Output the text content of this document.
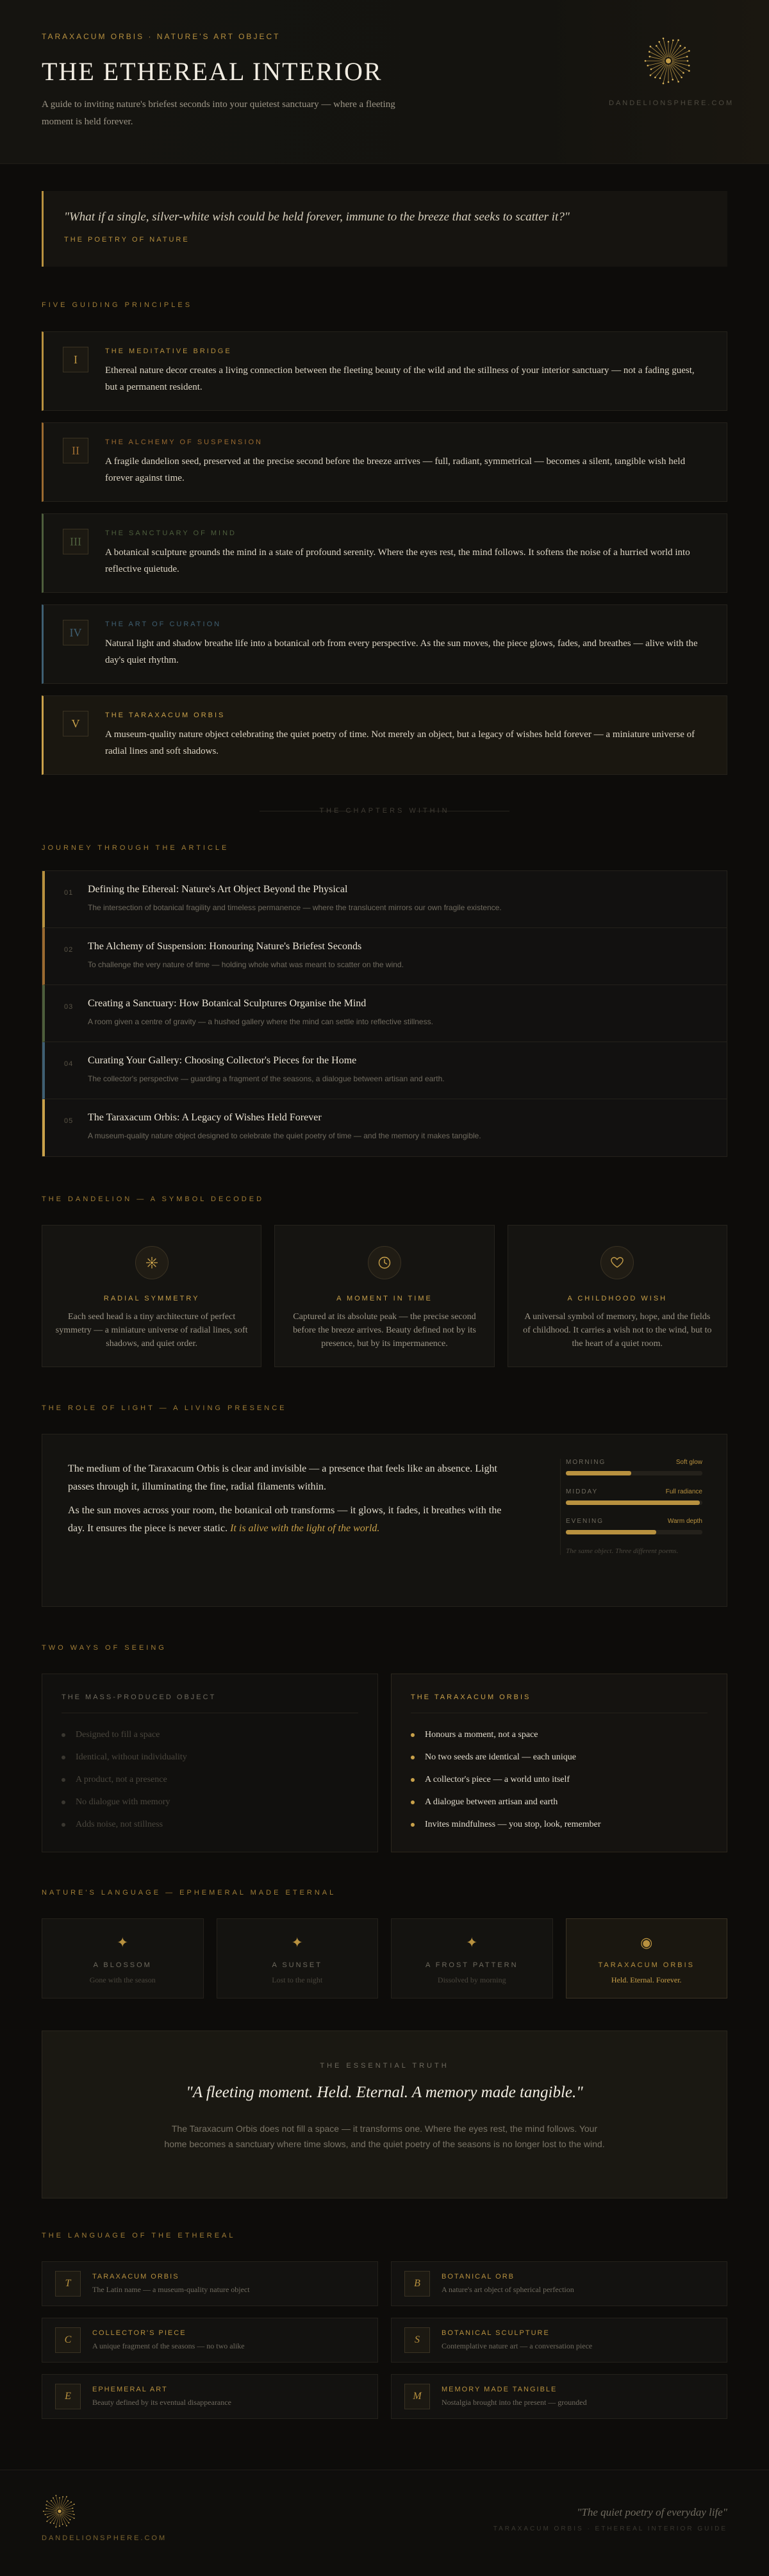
TARAXACUM ORBIS · NATURE'S ART OBJECT
THE ETHEREAL INTERIOR
A guide to inviting nature's briefest seconds into your quietest sanctuary — where a fleeting moment is held forever.
DANDELIONSPHERE.COM
"What if a single, silver-white wish could be held forever, immune to the breeze that seeks to scatter it?"
THE POETRY OF NATURE
FIVE GUIDING PRINCIPLES
I
THE MEDITATIVE BRIDGE
Ethereal nature decor creates a living connection between the fleeting beauty of the wild and the stillness of your interior sanctuary — not a fading guest, but a permanent resident.
II
THE ALCHEMY OF SUSPENSION
A fragile dandelion seed, preserved at the precise second before the breeze arrives — full, radiant, symmetrical — becomes a silent, tangible wish held forever against time.
III
THE SANCTUARY OF MIND
A botanical sculpture grounds the mind in a state of profound serenity. Where the eyes rest, the mind follows. It softens the noise of a hurried world into reflective quietude.
IV
THE ART OF CURATION
Natural light and shadow breathe life into a botanical orb from every perspective. As the sun moves, the piece glows, fades, and breathes — alive with the day's quiet rhythm.
V
THE TARAXACUM ORBIS
A museum-quality nature object celebrating the quiet poetry of time. Not merely an object, but a legacy of wishes held forever — a miniature universe of radial lines and soft shadows.
THE CHAPTERS WITHIN
JOURNEY THROUGH THE ARTICLE
01 Defining the Ethereal: Nature's Art Object Beyond the Physical
The intersection of botanical fragility and timeless permanence — where the translucent mirrors our own fragile existence.
02 The Alchemy of Suspension: Honouring Nature's Briefest Seconds
To challenge the very nature of time — holding whole what was meant to scatter on the wind.
03 Creating a Sanctuary: How Botanical Sculptures Organise the Mind
A room given a centre of gravity — a hushed gallery where the mind can settle into reflective stillness.
04 Curating Your Gallery: Choosing Collector's Pieces for the Home
The collector's perspective — guarding a fragment of the seasons, a dialogue between artisan and earth.
05 The Taraxacum Orbis: A Legacy of Wishes Held Forever
A museum-quality nature object designed to celebrate the quiet poetry of time — and the memory it makes tangible.
THE DANDELION — A SYMBOL DECODED
RADIAL SYMMETRY
Each seed head is a tiny architecture of perfect symmetry — a miniature universe of radial lines, soft shadows, and quiet order.
A MOMENT IN TIME
Captured at its absolute peak — the precise second before the breeze arrives. Beauty defined not by its presence, but by its impermanence.
A CHILDHOOD WISH
A universal symbol of memory, hope, and the fields of childhood. It carries a wish not to the wind, but to the heart of a quiet room.
THE ROLE OF LIGHT — A LIVING PRESENCE
The medium of the Taraxacum Orbis is clear and invisible — a presence that feels like an absence. Light passes through it, illuminating the fine, radial filaments within.
As the sun moves across your room, the botanical orb transforms — it glows, it fades, it breathes with the day. It ensures the piece is never static. It is alive with the light of the world.
MORNING	Soft glow
MIDDAY	Full radiance
EVENING	Warm depth
The same object. Three different poems.
TWO WAYS OF SEEING
THE MASS-PRODUCED OBJECT
Designed to fill a space
Identical, without individuality
A product, not a presence
No dialogue with memory
Adds noise, not stillness
THE TARAXACUM ORBIS
Honours a moment, not a space
No two seeds are identical — each unique
A collector's piece — a world unto itself
A dialogue between artisan and earth
Invites mindfulness — you stop, look, remember
NATURE'S LANGUAGE — EPHEMERAL MADE ETERNAL
✦
A BLOSSOM
Gone with the season
✦
A SUNSET
Lost to the night
✦
A FROST PATTERN
Dissolved by morning
◉
TARAXACUM ORBIS
Held. Eternal. Forever.
THE ESSENTIAL TRUTH
"A fleeting moment. Held. Eternal. A memory made tangible."
The Taraxacum Orbis does not fill a space — it transforms one. Where the eyes rest, the mind follows. Your home becomes a sanctuary where time slows, and the quiet poetry of the seasons is no longer lost to the wind.
THE LANGUAGE OF THE ETHEREAL
T
TARAXACUM ORBIS
The Latin name — a museum-quality nature object
B
BOTANICAL ORB
A nature's art object of spherical perfection
C
COLLECTOR'S PIECE
A unique fragment of the seasons — no two alike
S
BOTANICAL SCULPTURE
Contemplative nature art — a conversation piece
E
EPHEMERAL ART
Beauty defined by its eventual disappearance
M
MEMORY MADE TANGIBLE
Nostalgia brought into the present — grounded
DANDELIONSPHERE.COM
"The quiet poetry of everyday life"
TARAXACUM ORBIS · ETHEREAL INTERIOR GUIDE
